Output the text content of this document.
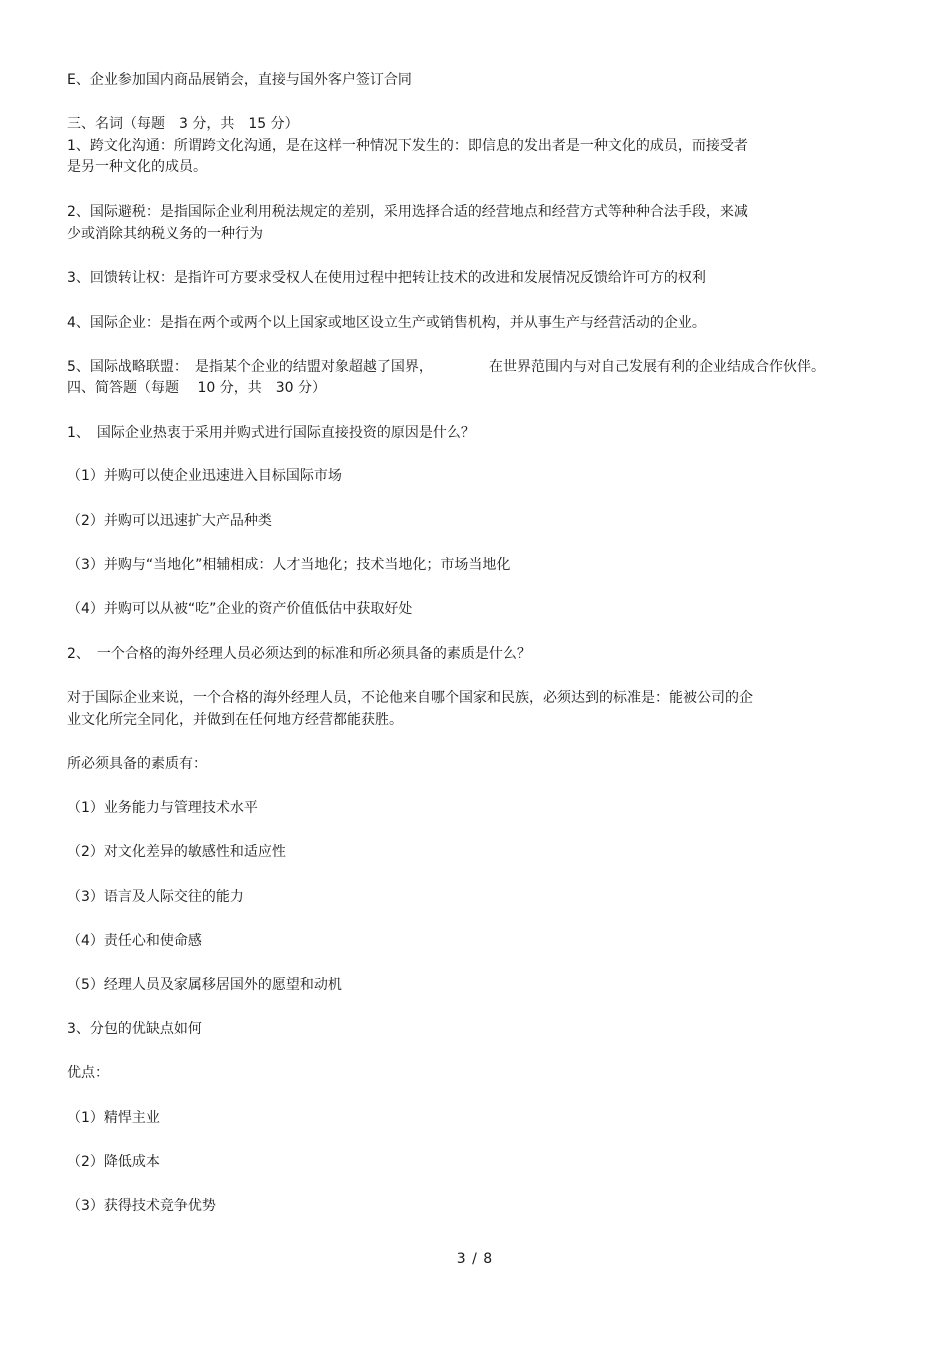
E、企业参加国内商品展销会，直接与国外客户签订合同
三、名词（每题　3 分，共　15 分）
1、跨文化沟通：所谓跨文化沟通，是在这样一种情况下发生的：即信息的发出者是一种文化的成员，而接受者
是另一种文化的成员。
2、国际避税：是指国际企业利用税法规定的差别，采用选择合适的经营地点和经营方式等种种合法手段，来减
少或消除其纳税义务的一种行为
3、回馈转让权：是指许可方要求受权人在使用过程中把转让技术的改进和发展情况反馈给许可方的权利
4、国际企业：是指在两个或两个以上国家或地区设立生产或销售机构，并从事生产与经营活动的企业。
5、国际战略联盟：　是指某个企业的结盟对象超越了国界，	在世界范围内与对自己发展有利的企业结成合作伙伴。
四、简答题（每题　 10 分，共　30 分）
1、　国际企业热衷于采用并购式进行国际直接投资的原因是什么？
（1）并购可以使企业迅速进入目标国际市场
（2）并购可以迅速扩大产品种类
（3）并购与“当地化”相辅相成：人才当地化；技术当地化；市场当地化
（4）并购可以从被“吃”企业的资产价值低估中获取好处
2、　一个合格的海外经理人员必须达到的标准和所必须具备的素质是什么？
对于国际企业来说，一个合格的海外经理人员，不论他来自哪个国家和民族，必须达到的标准是：能被公司的企
业文化所完全同化，并做到在任何地方经营都能获胜。
所必须具备的素质有：
（1）业务能力与管理技术水平
（2）对文化差异的敏感性和适应性
（3）语言及人际交往的能力
（4）责任心和使命感
（5）经理人员及家属移居国外的愿望和动机
3、分包的优缺点如何
优点：
（1）精悍主业
（2）降低成本
（3）获得技术竞争优势
3 / 8
